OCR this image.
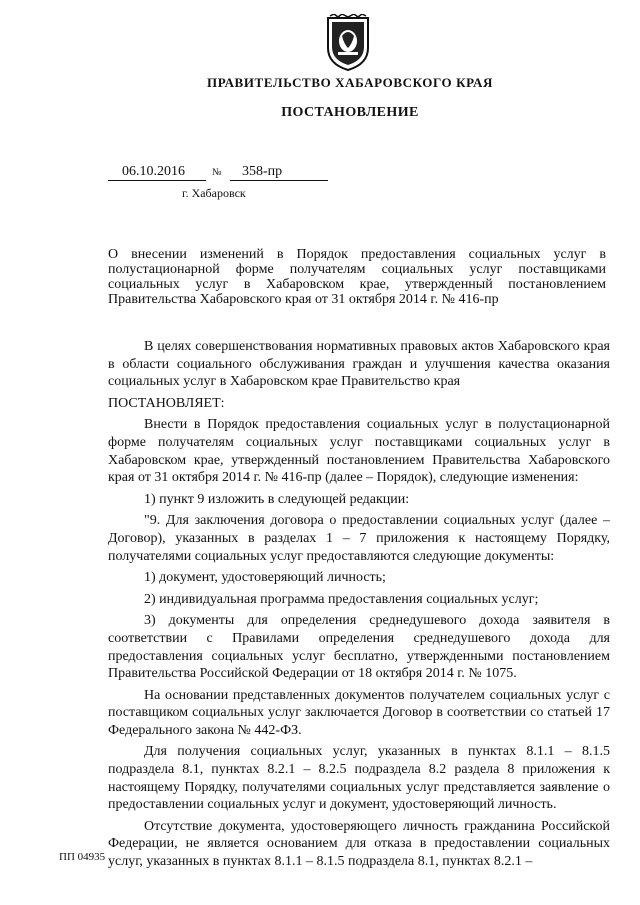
ПРАВИТЕЛЬСТВО ХАБАРОВСКОГО КРАЯ
ПОСТАНОВЛЕНИЕ
06.10.2016	№	358-пр
г. Хабаровск
О внесении изменений в Порядок предоставления социальных услуг в полустационарной форме получателям социальных услуг поставщиками социальных услуг в Хабаровском крае, утвержденный постановлением Правительства Хабаровского края от 31 октября 2014 г. № 416-пр

В целях совершенствования нормативных правовых актов Хабаровского края в области социального обслуживания граждан и улучшения качества оказания социальных услуг в Хабаровском крае Правительство края

ПОСТАНОВЛЯЕТ:

Внести в Порядок предоставления социальных услуг в полустационарной форме получателям социальных услуг поставщиками социальных услуг в Хабаровском крае, утвержденный постановлением Правительства Хабаровского края от 31 октября 2014 г. № 416-пр (далее – Порядок), следующие изменения:

1) пункт 9 изложить в следующей редакции:

"9. Для заключения договора о предоставлении социальных услуг (далее – Договор), указанных в разделах 1 – 7 приложения к настоящему Порядку, получателями социальных услуг предоставляются следующие документы:

1) документ, удостоверяющий личность;

2) индивидуальная программа предоставления социальных услуг;

3) документы для определения среднедушевого дохода заявителя в соответствии с Правилами определения среднедушевого дохода для предоставления социальных услуг бесплатно, утвержденными постановлением Правительства Российской Федерации от 18 октября 2014 г. № 1075.

На основании представленных документов получателем социальных услуг с поставщиком социальных услуг заключается Договор в соответствии со статьей 17 Федерального закона № 442-ФЗ.

Для получения социальных услуг, указанных в пунктах 8.1.1 – 8.1.5 подраздела 8.1, пунктах 8.2.1 – 8.2.5 подраздела 8.2 раздела 8 приложения к настоящему Порядку, получателями социальных услуг представляется заявление о предоставлении социальных услуг и документ, удостоверяющий личность.

Отсутствие документа, удостоверяющего личность гражданина Российской Федерации, не является основанием для отказа в предоставлении социальных услуг, указанных в пунктах 8.1.1 – 8.1.5 подраздела 8.1, пунктах 8.2.1 –

ПП 04935
